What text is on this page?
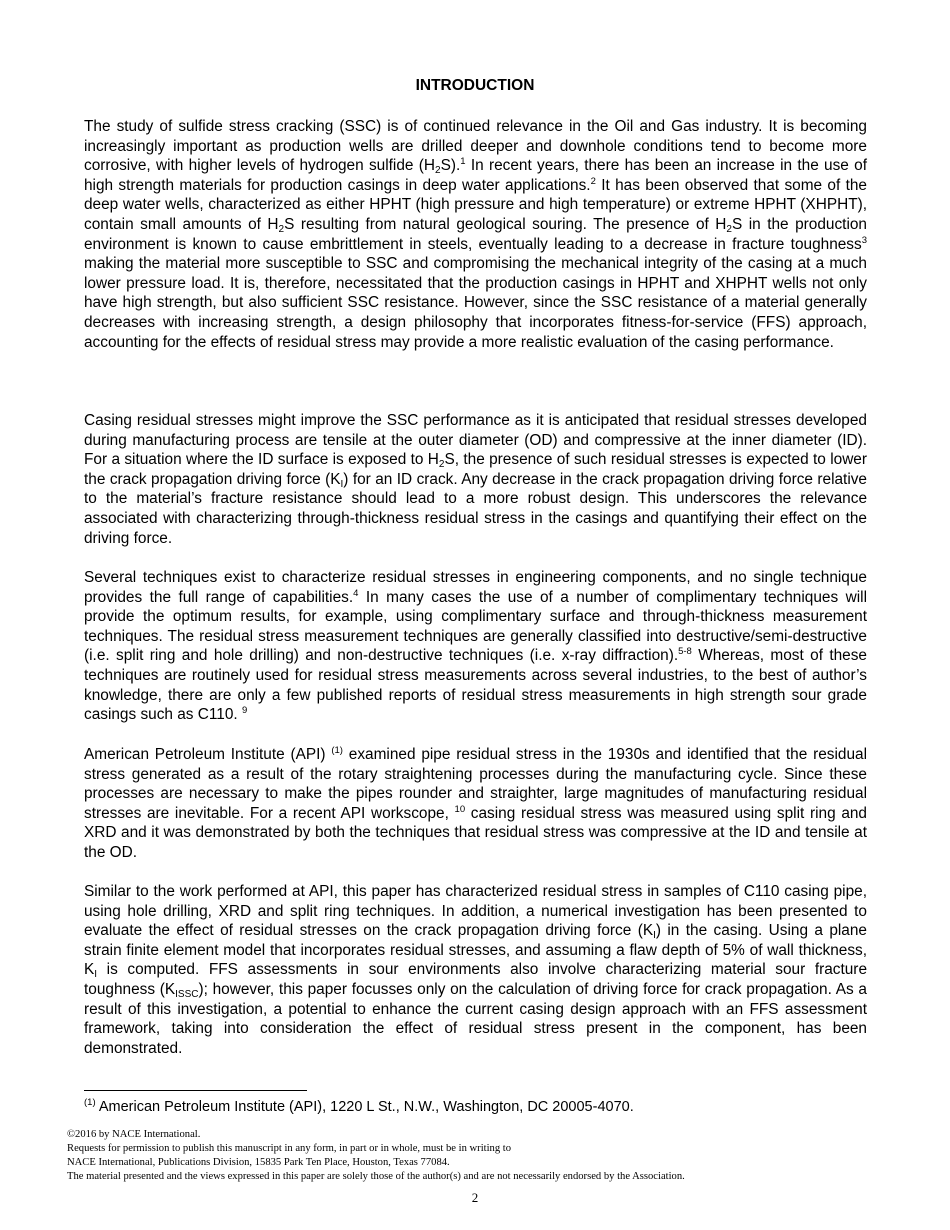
INTRODUCTION

The study of sulfide stress cracking (SSC) is of continued relevance in the Oil and Gas industry. It is becoming increasingly important as production wells are drilled deeper and downhole conditions tend to become more corrosive, with higher levels of hydrogen sulfide $(H_2S).^1$ In recent years, there has been an increase in the use of high strength materials for production casings in deep water applications.$^2$ It has been observed that some of the deep water wells, characterized as either HPHT (high pressure and high temperature) or extreme HPHT (XHPHT), contain small amounts of $H_2S$ resulting from natural geological souring. The presence of $H_2S$ in the production environment is known to cause embrittlement in steels, eventually leading to a decrease in fracture toughness$^3$ making the material more susceptible to SSC and compromising the mechanical integrity of the casing at a much lower pressure load. It is, therefore, necessitated that the production casings in HPHT and XHPHT wells not only have high strength, but also sufficient SSC resistance. However, since the SSC resistance of a material generally decreases with increasing strength, a design philosophy that incorporates fitness-for-service (FFS) approach, accounting for the effects of residual stress may provide a more realistic evaluation of the casing performance.

Casing residual stresses might improve the SSC performance as it is anticipated that residual stresses developed during manufacturing process are tensile at the outer diameter (OD) and compressive at the inner diameter (ID). For a situation where the ID surface is exposed to $H_2S$, the presence of such residual stresses is expected to lower the crack propagation driving force $(K_I)$ for an ID crack. Any decrease in the crack propagation driving force relative to the material’s fracture resistance should lead to a more robust design. This underscores the relevance associated with characterizing through-thickness residual stress in the casings and quantifying their effect on the driving force.

Several techniques exist to characterize residual stresses in engineering components, and no single technique provides the full range of capabilities.$^4$ In many cases the use of a number of complimentary techniques will provide the optimum results, for example, using complimentary surface and through-thickness measurement techniques. The residual stress measurement techniques are generally classified into destructive/semi-destructive (i.e. split ring and hole drilling) and non-destructive techniques (i.e. x-ray diffraction).$^{5-8}$ Whereas, most of these techniques are routinely used for residual stress measurements across several industries, to the best of author’s knowledge, there are only a few published reports of residual stress measurements in high strength sour grade casings such as C110. $^9$

American Petroleum Institute (API) $^{(1)}$ examined pipe residual stress in the 1930s and identified that the residual stress generated as a result of the rotary straightening processes during the manufacturing cycle. Since these processes are necessary to make the pipes rounder and straighter, large magnitudes of manufacturing residual stresses are inevitable. For a recent API workscope, $^{10}$ casing residual stress was measured using split ring and XRD and it was demonstrated by both the techniques that residual stress was compressive at the ID and tensile at the OD.

Similar to the work performed at API, this paper has characterized residual stress in samples of C110 casing pipe, using hole drilling, XRD and split ring techniques. In addition, a numerical investigation has been presented to evaluate the effect of residual stresses on the crack propagation driving force $(K_I)$ in the casing. Using a plane strain finite element model that incorporates residual stresses, and assuming a flaw depth of 5% of wall thickness, $K_I$ is computed. FFS assessments in sour environments also involve characterizing material sour fracture toughness $(K_{ISSC})$; however, this paper focusses only on the calculation of driving force for crack propagation. As a result of this investigation, a potential to enhance the current casing design approach with an FFS assessment framework, taking into consideration the effect of residual stress present in the component, has been demonstrated.

$^{(1)}$ American Petroleum Institute (API), 1220 L St., N.W., Washington, DC 20005-4070.
©2016 by NACE International.
Requests for permission to publish this manuscript in any form, in part or in whole, must be in writing to
NACE International, Publications Division, 15835 Park Ten Place, Houston, Texas 77084.
The material presented and the views expressed in this paper are solely those of the author(s) and are not necessarily endorsed by the Association.
2
